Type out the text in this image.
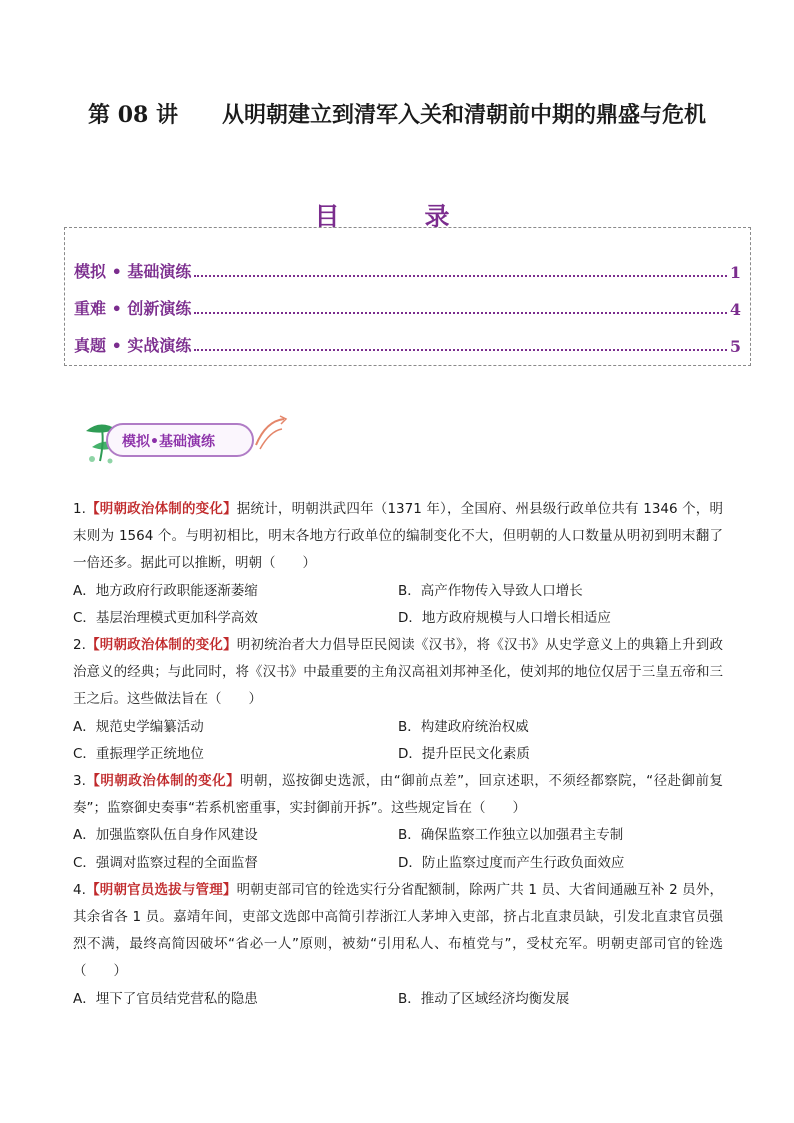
第 08 讲　　从明朝建立到清军入关和清朝前中期的鼎盛与危机
目　录
模拟 • 基础演练	1
重难 • 创新演练	4
真题 • 实战演练	5
模拟•基础演练

1.【明朝政治体制的变化】据统计，明朝洪武四年（1371 年），全国府、州县级行政单位共有 1346 个，明末则为 1564 个。与明初相比，明末各地方行政单位的编制变化不大，但明朝的人口数量从明初到明末翻了一倍还多。据此可以推断，明朝（　　）

A．地方政府行政职能逐渐萎缩	B．高产作物传入导致人口增长
C．基层治理模式更加科学高效	D．地方政府规模与人口增长相适应

2.【明朝政治体制的变化】明初统治者大力倡导臣民阅读《汉书》，将《汉书》从史学意义上的典籍上升到政治意义的经典；与此同时，将《汉书》中最重要的主角汉高祖刘邦神圣化，使刘邦的地位仅居于三皇五帝和三王之后。这些做法旨在（　　）

A．规范史学编纂活动	B．构建政府统治权威
C．重振理学正统地位	D．提升臣民文化素质

3.【明朝政治体制的变化】明朝，巡按御史选派，由“御前点差”，回京述职，不须经都察院，“径赴御前复奏”；监察御史奏事“若系机密重事，实封御前开拆”。这些规定旨在（　　）

A．加强监察队伍自身作风建设	B．确保监察工作独立以加强君主专制
C．强调对监察过程的全面监督	D．防止监察过度而产生行政负面效应

4.【明朝官员选拔与管理】明朝吏部司官的铨选实行分省配额制，除两广共 1 员、大省间通融互补 2 员外，其余省各 1 员。嘉靖年间，吏部文选郎中高简引荐浙江人茅坤入吏部，挤占北直隶员缺，引发北直隶官员强烈不满，最终高简因破坏“省必一人”原则，被劾“引用私人、布植党与”，受杖充军。明朝吏部司官的铨选（　　）

A．埋下了官员结党营私的隐患	B．推动了区域经济均衡发展
